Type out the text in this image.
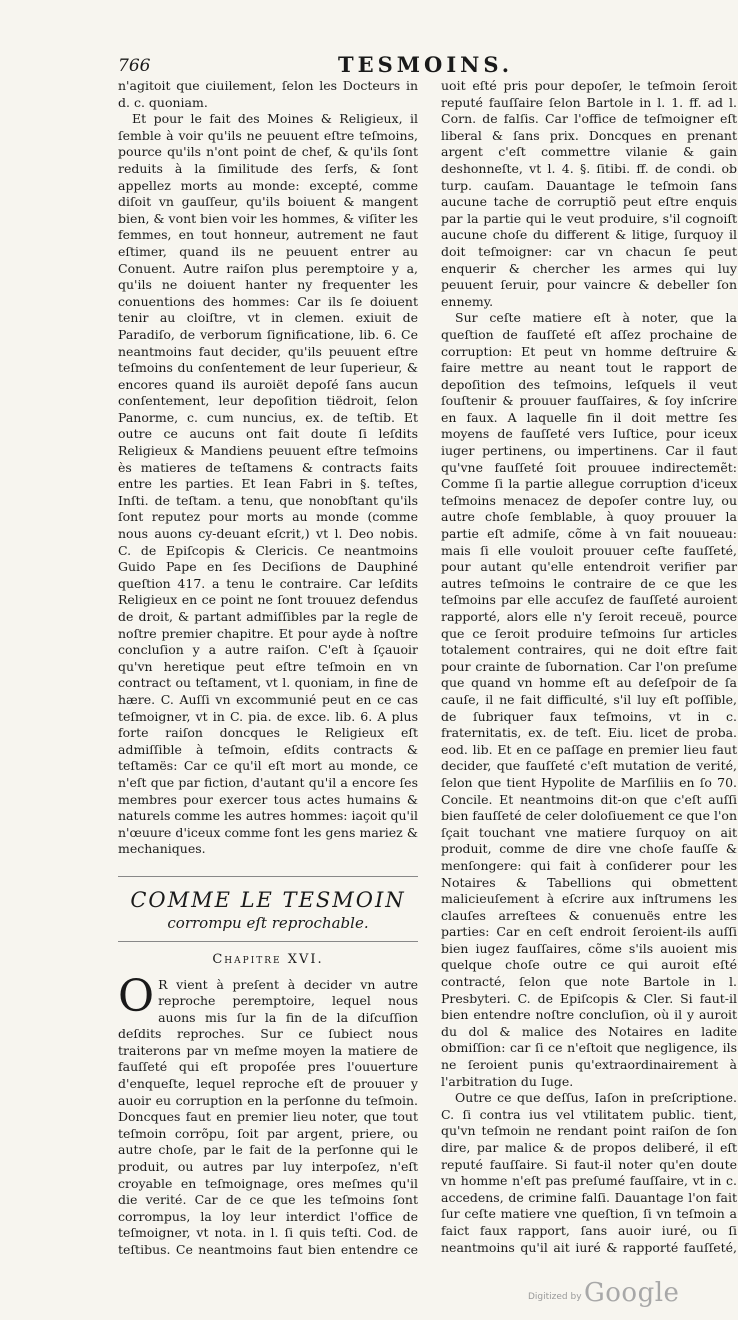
766	TESMOINS.

n'agitoit que ciuilement, ſelon les Docteurs in d. c. quoniam.

Et pour le fait des Moines & Religieux, il ſemble à voir qu'ils ne peuuent eſtre teſmoins, pource qu'ils n'ont point de chef, & qu'ils ſont reduits à la ſimilitude des ſerfs, & ſont appellez morts au monde: excepté, comme diſoit vn gauſſeur, qu'ils boiuent & mangent bien, & vont bien voir les hommes, & viſiter les femmes, en tout honneur, autrement ne faut eſtimer, quand ils ne peuuent entrer au Conuent. Autre raiſon plus peremptoire y a, qu'ils ne doiuent hanter ny frequenter les conuentions des hommes: Car ils ſe doiuent tenir au cloiſtre, vt in clemen. exiuit de Paradiſo, de verborum ſignificatione, lib. 6. Ce neantmoins faut decider, qu'ils peuuent eſtre teſmoins du conſentement de leur ſuperieur, & encores quand ils auroiët depoſé ſans aucun conſentement, leur depoſition tiëdroit, ſelon Panorme, c. cum nuncius, ex. de teſtib. Et outre ce aucuns ont fait doute ſi leſdits Religieux & Mandiens peuuent eſtre teſmoins ès matieres de teſtamens & contracts faits entre les parties. Et Iean Fabri in §. teſtes, Inſti. de teſtam. a tenu, que nonobſtant qu'ils ſont reputez pour morts au monde (comme nous auons cy-deuant eſcrit,) vt l. Deo nobis. C. de Epiſcopis & Clericis. Ce neantmoins Guido Pape en ſes Deciſions de Dauphiné queſtion 417. a tenu le contraire. Car leſdits Religieux en ce point ne ſont trouuez defendus de droit, & partant admiſſibles par la regle de noſtre premier chapitre. Et pour ayde à noſtre concluſion y a autre raiſon. C'eſt à ſçauoir qu'vn heretique peut eſtre teſmoin en vn contract ou teſtament, vt l. quoniam, in fine de hære. C. Auſſi vn excommunié peut en ce cas teſmoigner, vt in C. pia. de exce. lib. 6. A plus forte raiſon doncques le Religieux eſt admiſſible à teſmoin, eſdits contracts & teſtamës: Car ce qu'il eſt mort au monde, ce n'eſt que par fiction, d'autant qu'il a encore ſes membres pour exercer tous actes humains & naturels comme les autres hommes: iaçoit qu'il n'œuure d'iceux comme font les gens mariez & mechaniques.

COMME LE TESMOIN
corrompu eſt reprochable.
Chapitre XVI.

O R vient à preſent à decider vn autre reproche peremptoire, lequel nous auons mis ſur la fin de la diſcuſſion deſdits reproches. Sur ce ſubiect nous traiterons par vn meſme moyen la matiere de fauſſeté qui eſt propoſée pres l'ouuerture d'enqueſte, lequel reproche eſt de prouuer y auoir eu corruption en la perſonne du teſmoin. Doncques faut en premier lieu noter, que tout teſmoin corrõpu, ſoit par argent, priere, ou autre choſe, par le fait de la perſonne qui le produit, ou autres par luy interpoſez, n'eſt croyable en teſmoignage, ores meſmes qu'il die verité. Car de ce que les teſmoins ſont corrompus, la loy leur interdict l'office de teſmoigner, vt nota. in l. ſi quis teſti. Cod. de teſtibus. Ce neantmoins faut bien entendre ce

uoit eſté pris pour depoſer, le teſmoin ſeroit reputé fauſſaire ſelon Bartole in l. 1. ff. ad l. Corn. de falſis. Car l'office de teſmoigner eſt liberal & ſans prix. Doncques en prenant argent c'eſt commettre vilanie & gain deshonneſte, vt l. 4. §. ſitibi. ff. de condi. ob turp. cauſam. Dauantage le teſmoin ſans aucune tache de corruptiõ peut eſtre enquis par la partie qui le veut produire, s'il cognoiſt aucune choſe du different & litige, ſurquoy il doit teſmoigner: car vn chacun ſe peut enquerir & chercher les armes qui luy peuuent ſeruir, pour vaincre & debeller ſon ennemy.

Sur ceſte matiere eſt à noter, que la queſtion de fauſſeté eſt aſſez prochaine de corruption: Et peut vn homme deſtruire & faire mettre au neant tout le rapport de depoſition des teſmoins, leſquels il veut ſouſtenir & prouuer fauſſaires, & ſoy inſcrire en faux. A laquelle fin il doit mettre ſes moyens de fauſſeté vers Iuſtice, pour iceux iuger pertinens, ou impertinens. Car il faut qu'vne fauſſeté ſoit prouuee indirectemẽt: Comme ſi la partie allegue corruption d'iceux teſmoins menacez de depoſer contre luy, ou autre choſe ſemblable, à quoy prouuer la partie eſt admiſe, cõme à vn fait nouueau: mais ſi elle vouloit prouuer ceſte fauſſeté, pour autant qu'elle entendroit verifier par autres teſmoins le contraire de ce que les teſmoins par elle accuſez de fauſſeté auroient rapporté, alors elle n'y ſeroit receuë, pource que ce ſeroit produire teſmoins ſur articles totalement contraires, qui ne doit eſtre fait pour crainte de ſubornation. Car l'on preſume que quand vn homme eſt au deſeſpoir de ſa cauſe, il ne fait difficulté, s'il luy eſt poſſible, de ſubriquer faux teſmoins, vt in c. fraternitatis, ex. de teſt. Eiu. licet de proba. eod. lib. Et en ce paſſage en premier lieu faut decider, que fauſſeté c'eſt mutation de verité, ſelon que tient Hypolite de Marſiliis en ſo 70. Concile. Et neantmoins dit-on que c'eſt auſſi bien fauſſeté de celer doloſiuement ce que l'on ſçait touchant vne matiere ſurquoy on ait produit, comme de dire vne choſe fauſſe & menſongere: qui fait à conſiderer pour les Notaires & Tabellions qui obmettent malicieuſement à eſcrire aux inſtrumens les clauſes arreſtees & conuenuës entre les parties: Car en ceſt endroit ſeroient-ils auſſi bien iugez fauſſaires, cõme s'ils auoient mis quelque choſe outre ce qui auroit eſté contracté, ſelon que note Bartole in l. Presbyteri. C. de Epiſcopis & Cler. Si faut-il bien entendre noſtre concluſion, où il y auroit du dol & malice des Notaires en ladite obmiſſion: car ſi ce n'eſtoit que negligence, ils ne ſeroient punis qu'extraordinairement à l'arbitration du Iuge.

Outre ce que deſſus, Iaſon in preſcriptione. C. ſi contra ius vel vtilitatem public. tient, qu'vn teſmoin ne rendant point raiſon de ſon dire, par malice & de propos deliberé, il eſt reputé fauſſaire. Si faut-il noter qu'en doute vn homme n'eſt pas preſumé fauſſaire, vt in c. accedens, de crimine falſi. Dauantage l'on fait ſur ceſte matiere vne queſtion, ſi vn teſmoin a faict faux rapport, ſans auoir iuré, ou ſi neantmoins qu'il ait iuré & rapporté fauſſeté,

Digitized by Google
